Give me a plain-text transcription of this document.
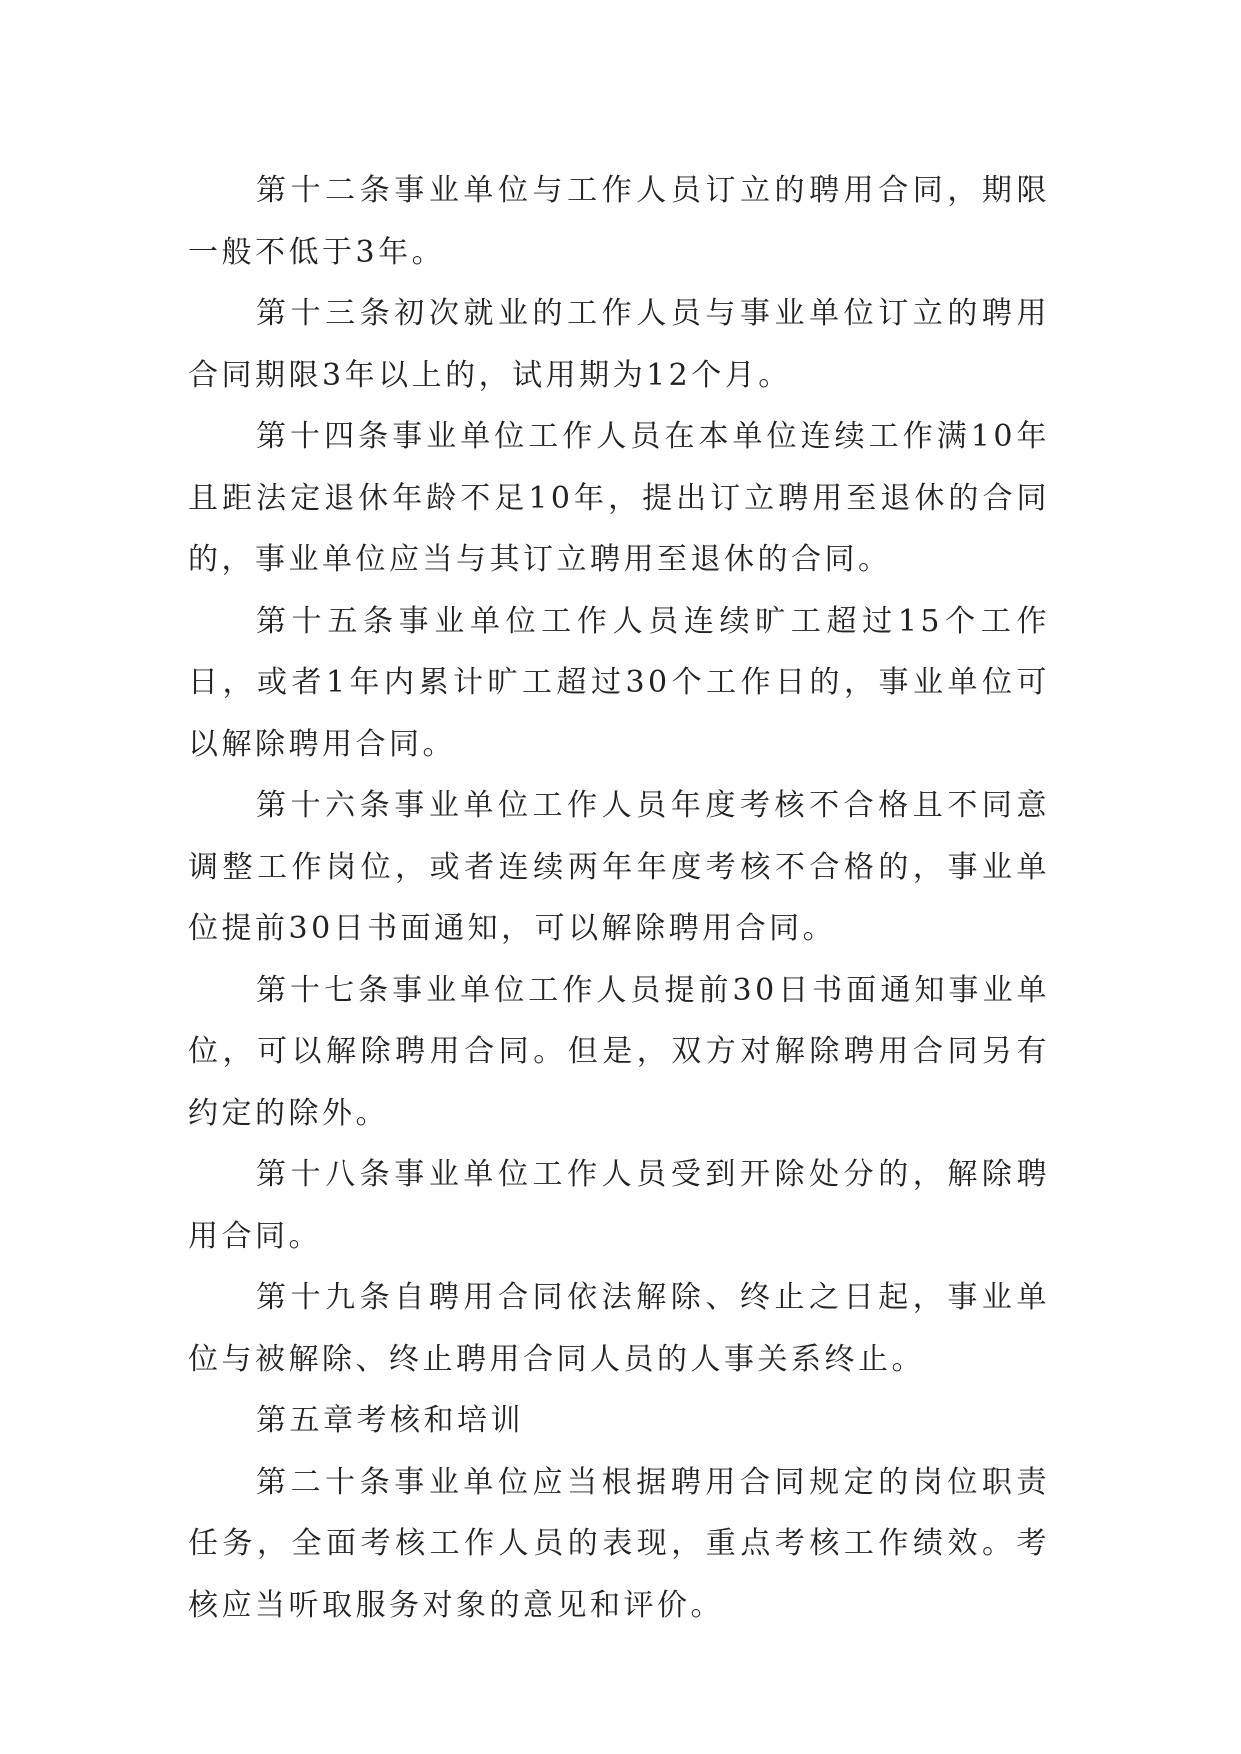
第十二条事业单位与工作人员订立的聘用合同，期限一般不低于3年。

第十三条初次就业的工作人员与事业单位订立的聘用合同期限3年以上的，试用期为12个月。

第十四条事业单位工作人员在本单位连续工作满10年且距法定退休年龄不足10年，提出订立聘用至退休的合同的，事业单位应当与其订立聘用至退休的合同。

第十五条事业单位工作人员连续旷工超过15个工作日，或者1年内累计旷工超过30个工作日的，事业单位可以解除聘用合同。

第十六条事业单位工作人员年度考核不合格且不同意调整工作岗位，或者连续两年年度考核不合格的，事业单位提前30日书面通知，可以解除聘用合同。

第十七条事业单位工作人员提前30日书面通知事业单位，可以解除聘用合同。但是，双方对解除聘用合同另有约定的除外。

第十八条事业单位工作人员受到开除处分的，解除聘用合同。

第十九条自聘用合同依法解除、终止之日起，事业单位与被解除、终止聘用合同人员的人事关系终止。

第五章考核和培训

第二十条事业单位应当根据聘用合同规定的岗位职责任务，全面考核工作人员的表现，重点考核工作绩效。考核应当听取服务对象的意见和评价。
